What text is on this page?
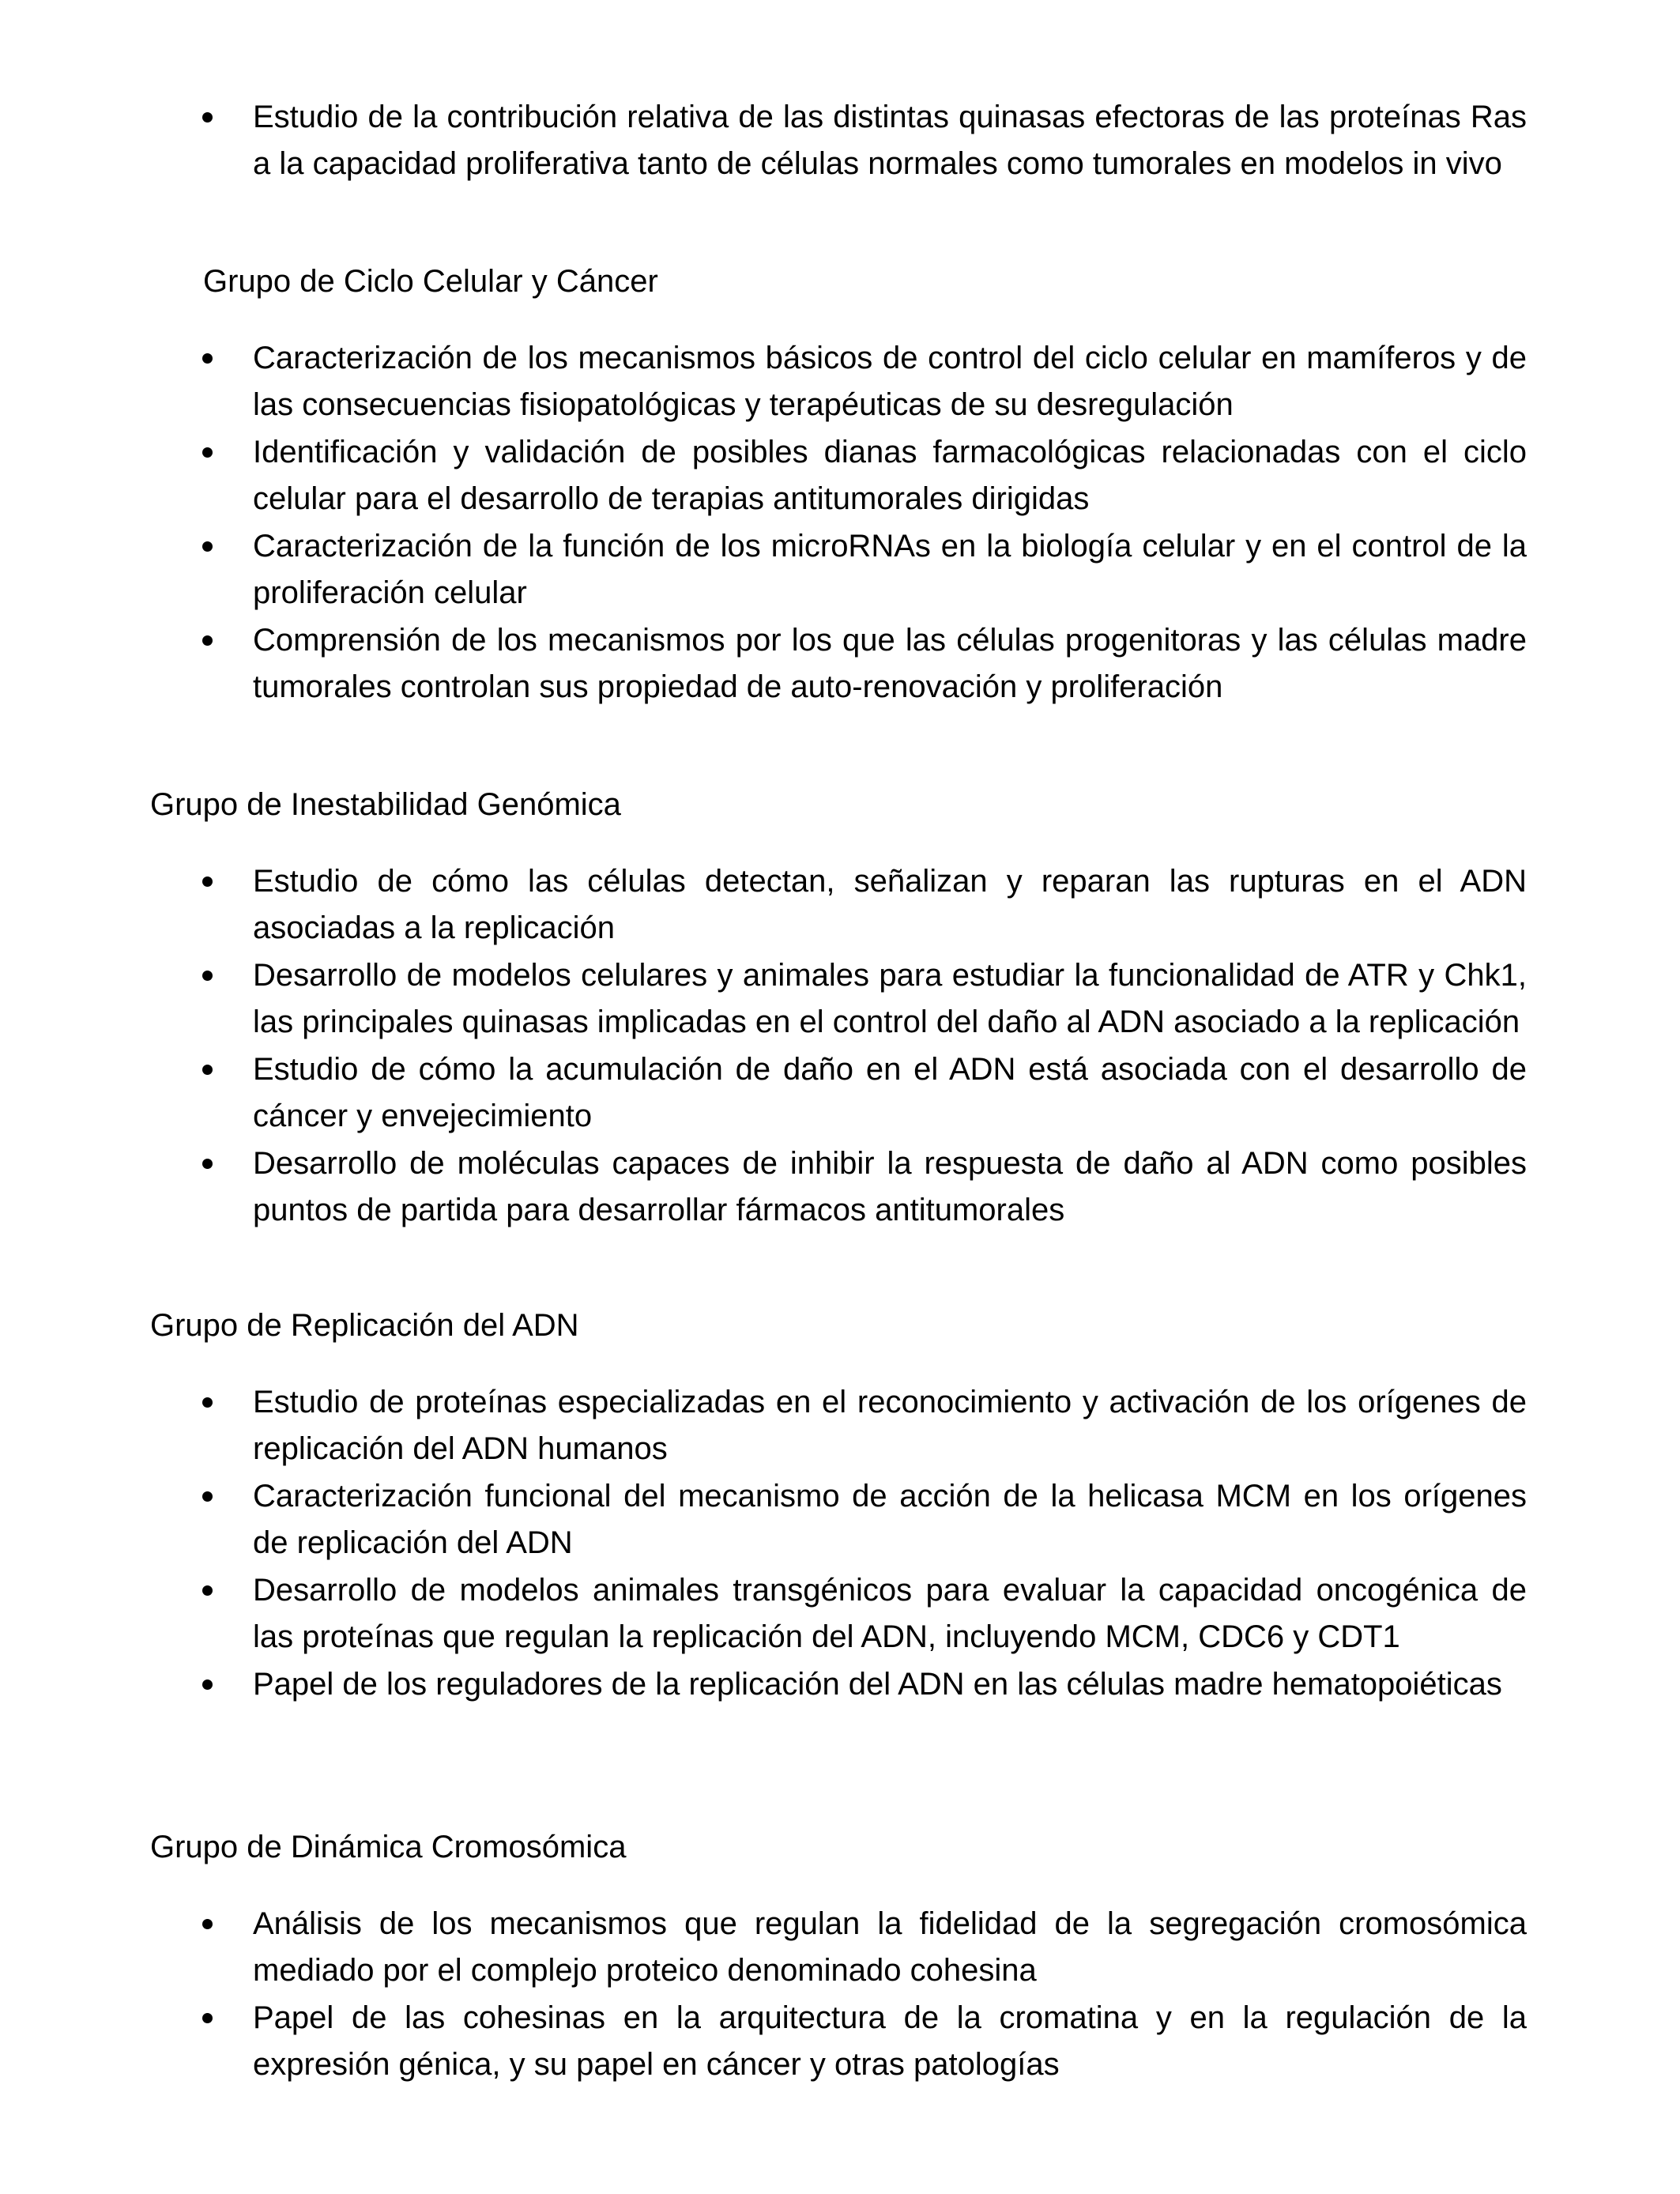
Estudio de la contribución relativa de las distintas quinasas efectoras de las proteínas Ras a la capacidad proliferativa tanto de células normales como tumorales en modelos in vivo
Grupo de Ciclo Celular y Cáncer
Caracterización de los mecanismos básicos de control del ciclo celular en mamíferos y de las consecuencias fisiopatológicas y terapéuticas de su desregulación
Identificación y validación de posibles dianas farmacológicas relacionadas con el ciclo celular para el desarrollo de terapias antitumorales dirigidas
Caracterización de la función de los microRNAs en la biología celular y en el control de la proliferación celular
Comprensión de los mecanismos por los que las células progenitoras y las células madre tumorales controlan sus propiedad de auto-renovación y proliferación
Grupo de Inestabilidad Genómica
Estudio de cómo las células detectan, señalizan y reparan las rupturas en el ADN asociadas a la replicación
Desarrollo de modelos celulares y animales para estudiar la funcionalidad de ATR y Chk1, las principales quinasas implicadas en el control del daño al ADN asociado a la replicación
Estudio de cómo la acumulación de daño en el ADN está asociada con el desarrollo de cáncer y envejecimiento
Desarrollo de moléculas capaces de inhibir la respuesta de daño al ADN como posibles puntos de partida para desarrollar fármacos antitumorales
Grupo de Replicación del ADN
Estudio de proteínas especializadas en el reconocimiento y activación de los orígenes de replicación del ADN humanos
Caracterización funcional del mecanismo de acción de la helicasa MCM en los orígenes de replicación del ADN
Desarrollo de modelos animales transgénicos para evaluar la capacidad oncogénica de las proteínas que regulan la replicación del ADN, incluyendo MCM, CDC6 y CDT1
Papel de los reguladores de la replicación del ADN en las células madre hematopoiéticas
Grupo de Dinámica Cromosómica
Análisis de los mecanismos que regulan la fidelidad de la segregación cromosómica mediado por el complejo proteico denominado cohesina
Papel de las cohesinas en la arquitectura de la cromatina y en la regulación de la expresión génica, y su papel en cáncer y otras patologías
